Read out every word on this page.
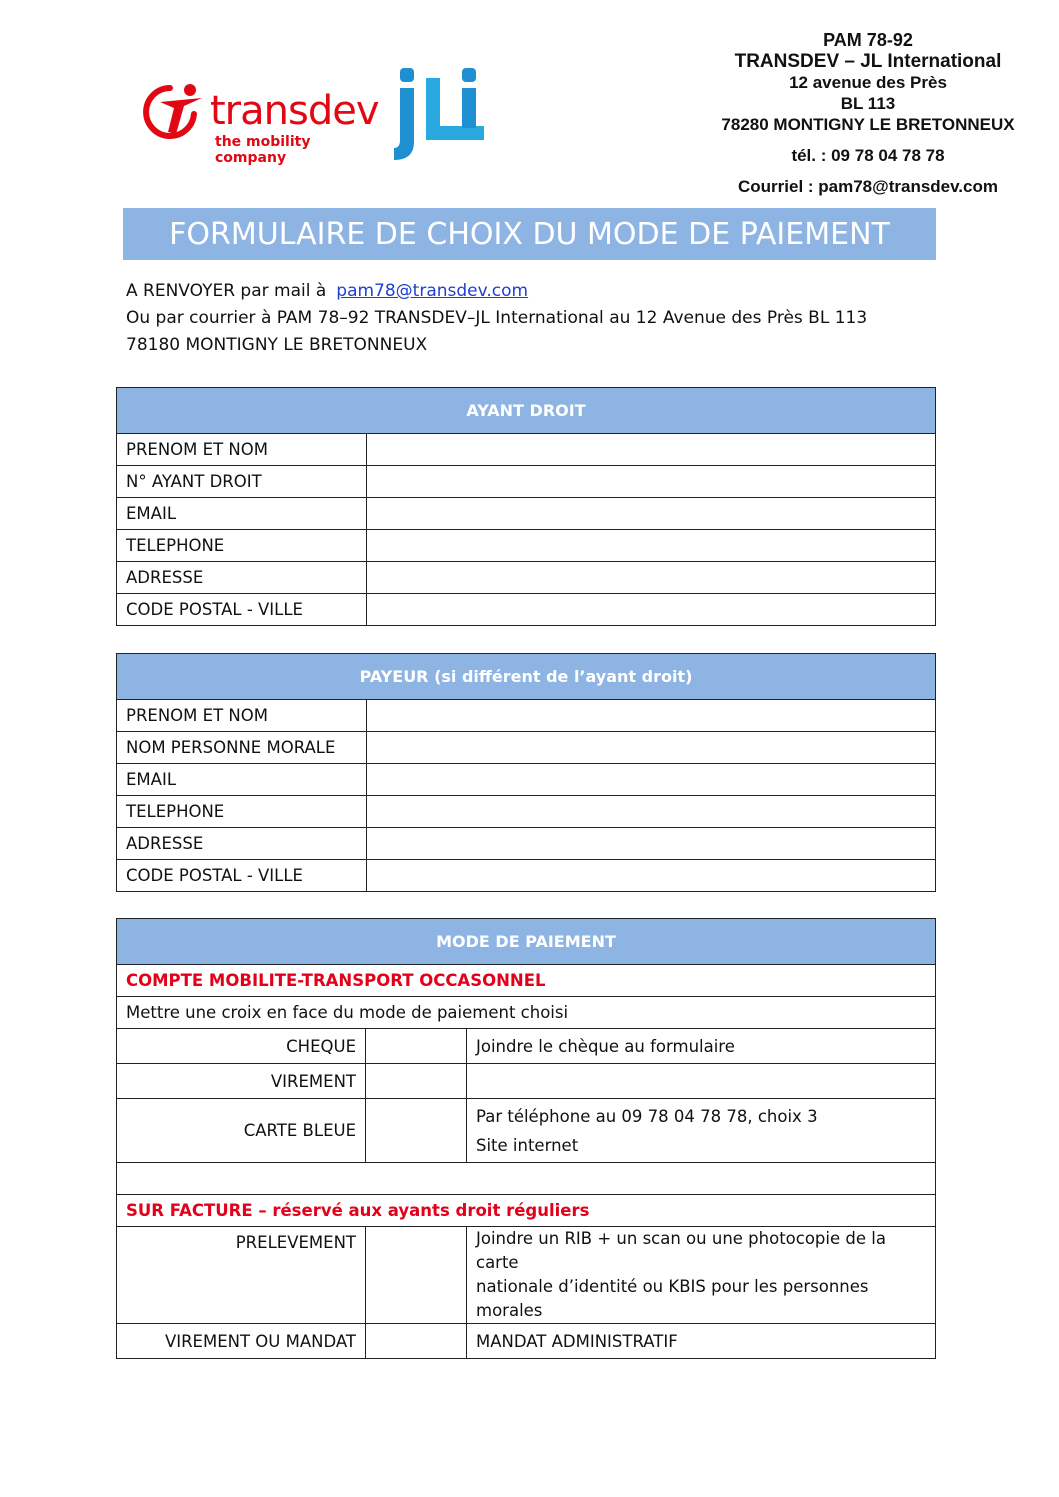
transdev
the mobility company
PAM 78-92
TRANSDEV – JL International
12 avenue des Près
BL 113
78280 MONTIGNY LE BRETONNEUX
tél. : 09 78 04 78 78
Courriel : pam78@transdev.com
FORMULAIRE DE CHOIX DU MODE DE PAIEMENT
A RENVOYER par mail à pam78@transdev.com
Ou par courrier à PAM 78–92 TRANSDEV–JL International au 12 Avenue des Près BL 113
78180 MONTIGNY LE BRETONNEUX
AYANT DROIT	
PRENOM ET NOM	
N° AYANT DROIT	
EMAIL	
TELEPHONE	
ADRESSE	
CODE POSTAL - VILLE	
PAYEUR (si différent de l’ayant droit)	
PRENOM ET NOM	
NOM PERSONNE MORALE	
EMAIL	
TELEPHONE	
ADRESSE	
CODE POSTAL - VILLE	
MODE DE PAIEMENT		
COMPTE MOBILITE-TRANSPORT OCCASONNEL		
Mettre une croix en face du mode de paiement choisi		
CHEQUE		Joindre le chèque au formulaire
VIREMENT		
CARTE BLEUE		Par téléphone au 09 78 04 78 78, choix 3
Site internet

SUR FACTURE – réservé aux ayants droit réguliers		
PRELEVEMENT		Joindre un RIB + un scan ou une photocopie de la carte
nationale d’identité ou KBIS pour les personnes morales

VIREMENT OU MANDAT		MANDAT ADMINISTRATIF
